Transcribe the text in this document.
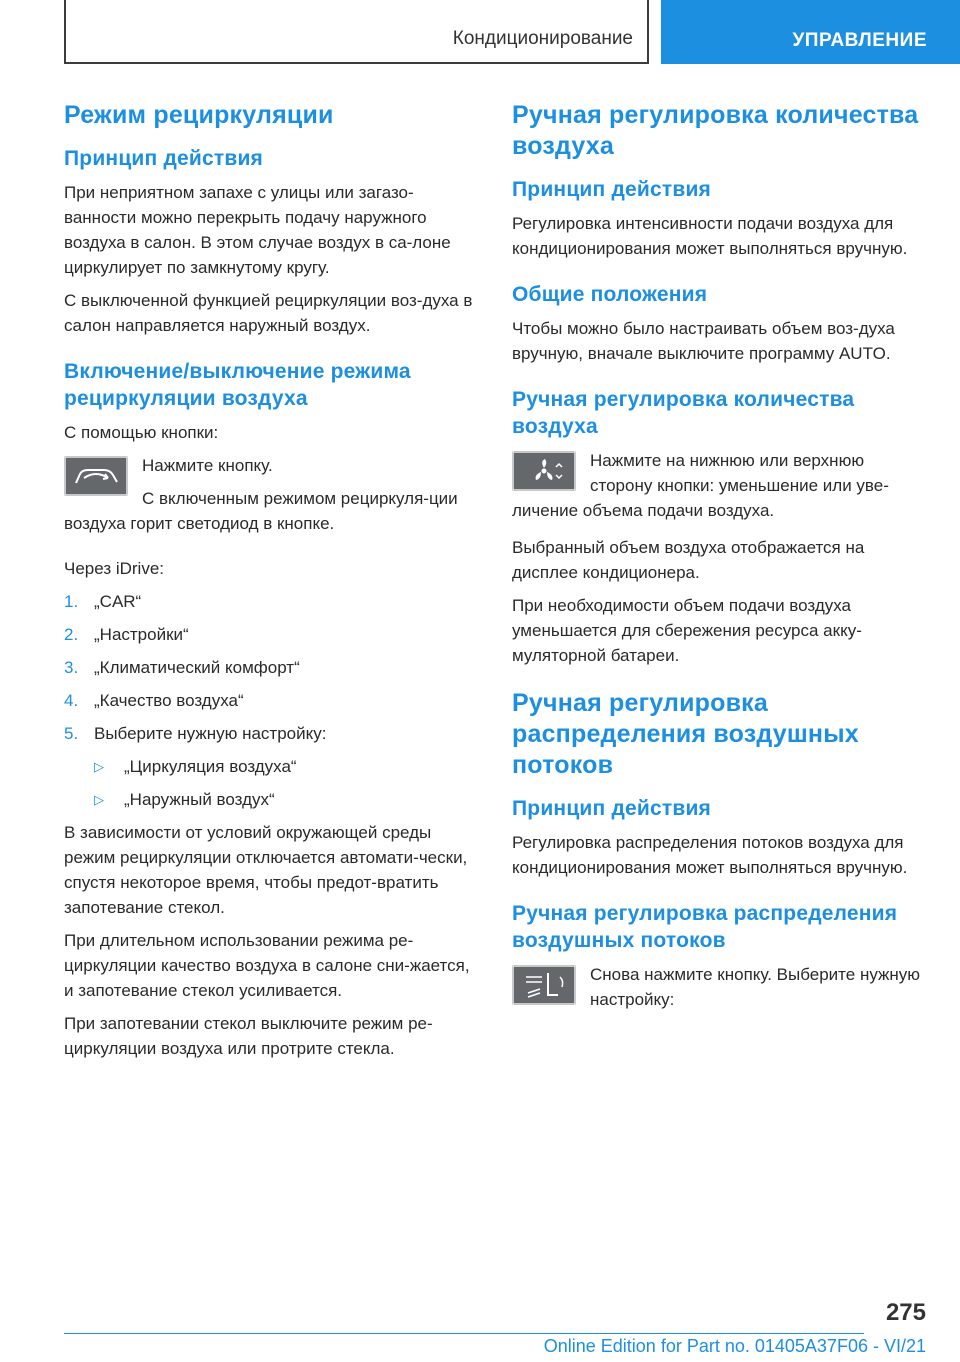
Кондиционирование	УПРАВЛЕНИЕ
Режим рециркуляции
Принцип действия

При неприятном запахе с улицы или загазо-ванности можно перекрыть подачу наружного воздуха в салон. В этом случае воздух в са-лоне циркулирует по замкнутому кругу.

С выключенной функцией рециркуляции воз-духа в салон направляется наружный воздух.

Включение/выключение режима рециркуляции воздуха

С помощью кнопки:

Нажмите кнопку.

С включенным режимом рециркуля-ции воздуха горит светодиод в кнопке.

Через iDrive:

1. „CAR“
2. „Настройки“
3. „Климатический комфорт“
4. „Качество воздуха“
5. Выберите нужную настройку:
▷ „Циркуляция воздуха“
▷ „Наружный воздух“

В зависимости от условий окружающей среды режим рециркуляции отключается автомати-чески, спустя некоторое время, чтобы предот-вратить запотевание стекол.

При длительном использовании режима ре-циркуляции качество воздуха в салоне сни-жается, и запотевание стекол усиливается.

При запотевании стекол выключите режим ре-циркуляции воздуха или протрите стекла.

Ручная регулировка количества воздуха
Принцип действия

Регулировка интенсивности подачи воздуха для кондиционирования может выполняться вручную.

Общие положения

Чтобы можно было настраивать объем воз-духа вручную, вначале выключите программу AUTO.

Ручная регулировка количества воздуха

Нажмите на нижнюю или верхнюю сторону кнопки: уменьшение или уве-личение объема подачи воздуха.

Выбранный объем воздуха отображается на дисплее кондиционера.

При необходимости объем подачи воздуха уменьшается для сбережения ресурса акку-муляторной батареи.

Ручная регулировка распределения воздушных потоков
Принцип действия

Регулировка распределения потоков воздуха для кондиционирования может выполняться вручную.

Ручная регулировка распределения воздушных потоков

Снова нажмите кнопку. Выберите нужную настройку:

275
Online Edition for Part no. 01405A37F06 - VI/21
